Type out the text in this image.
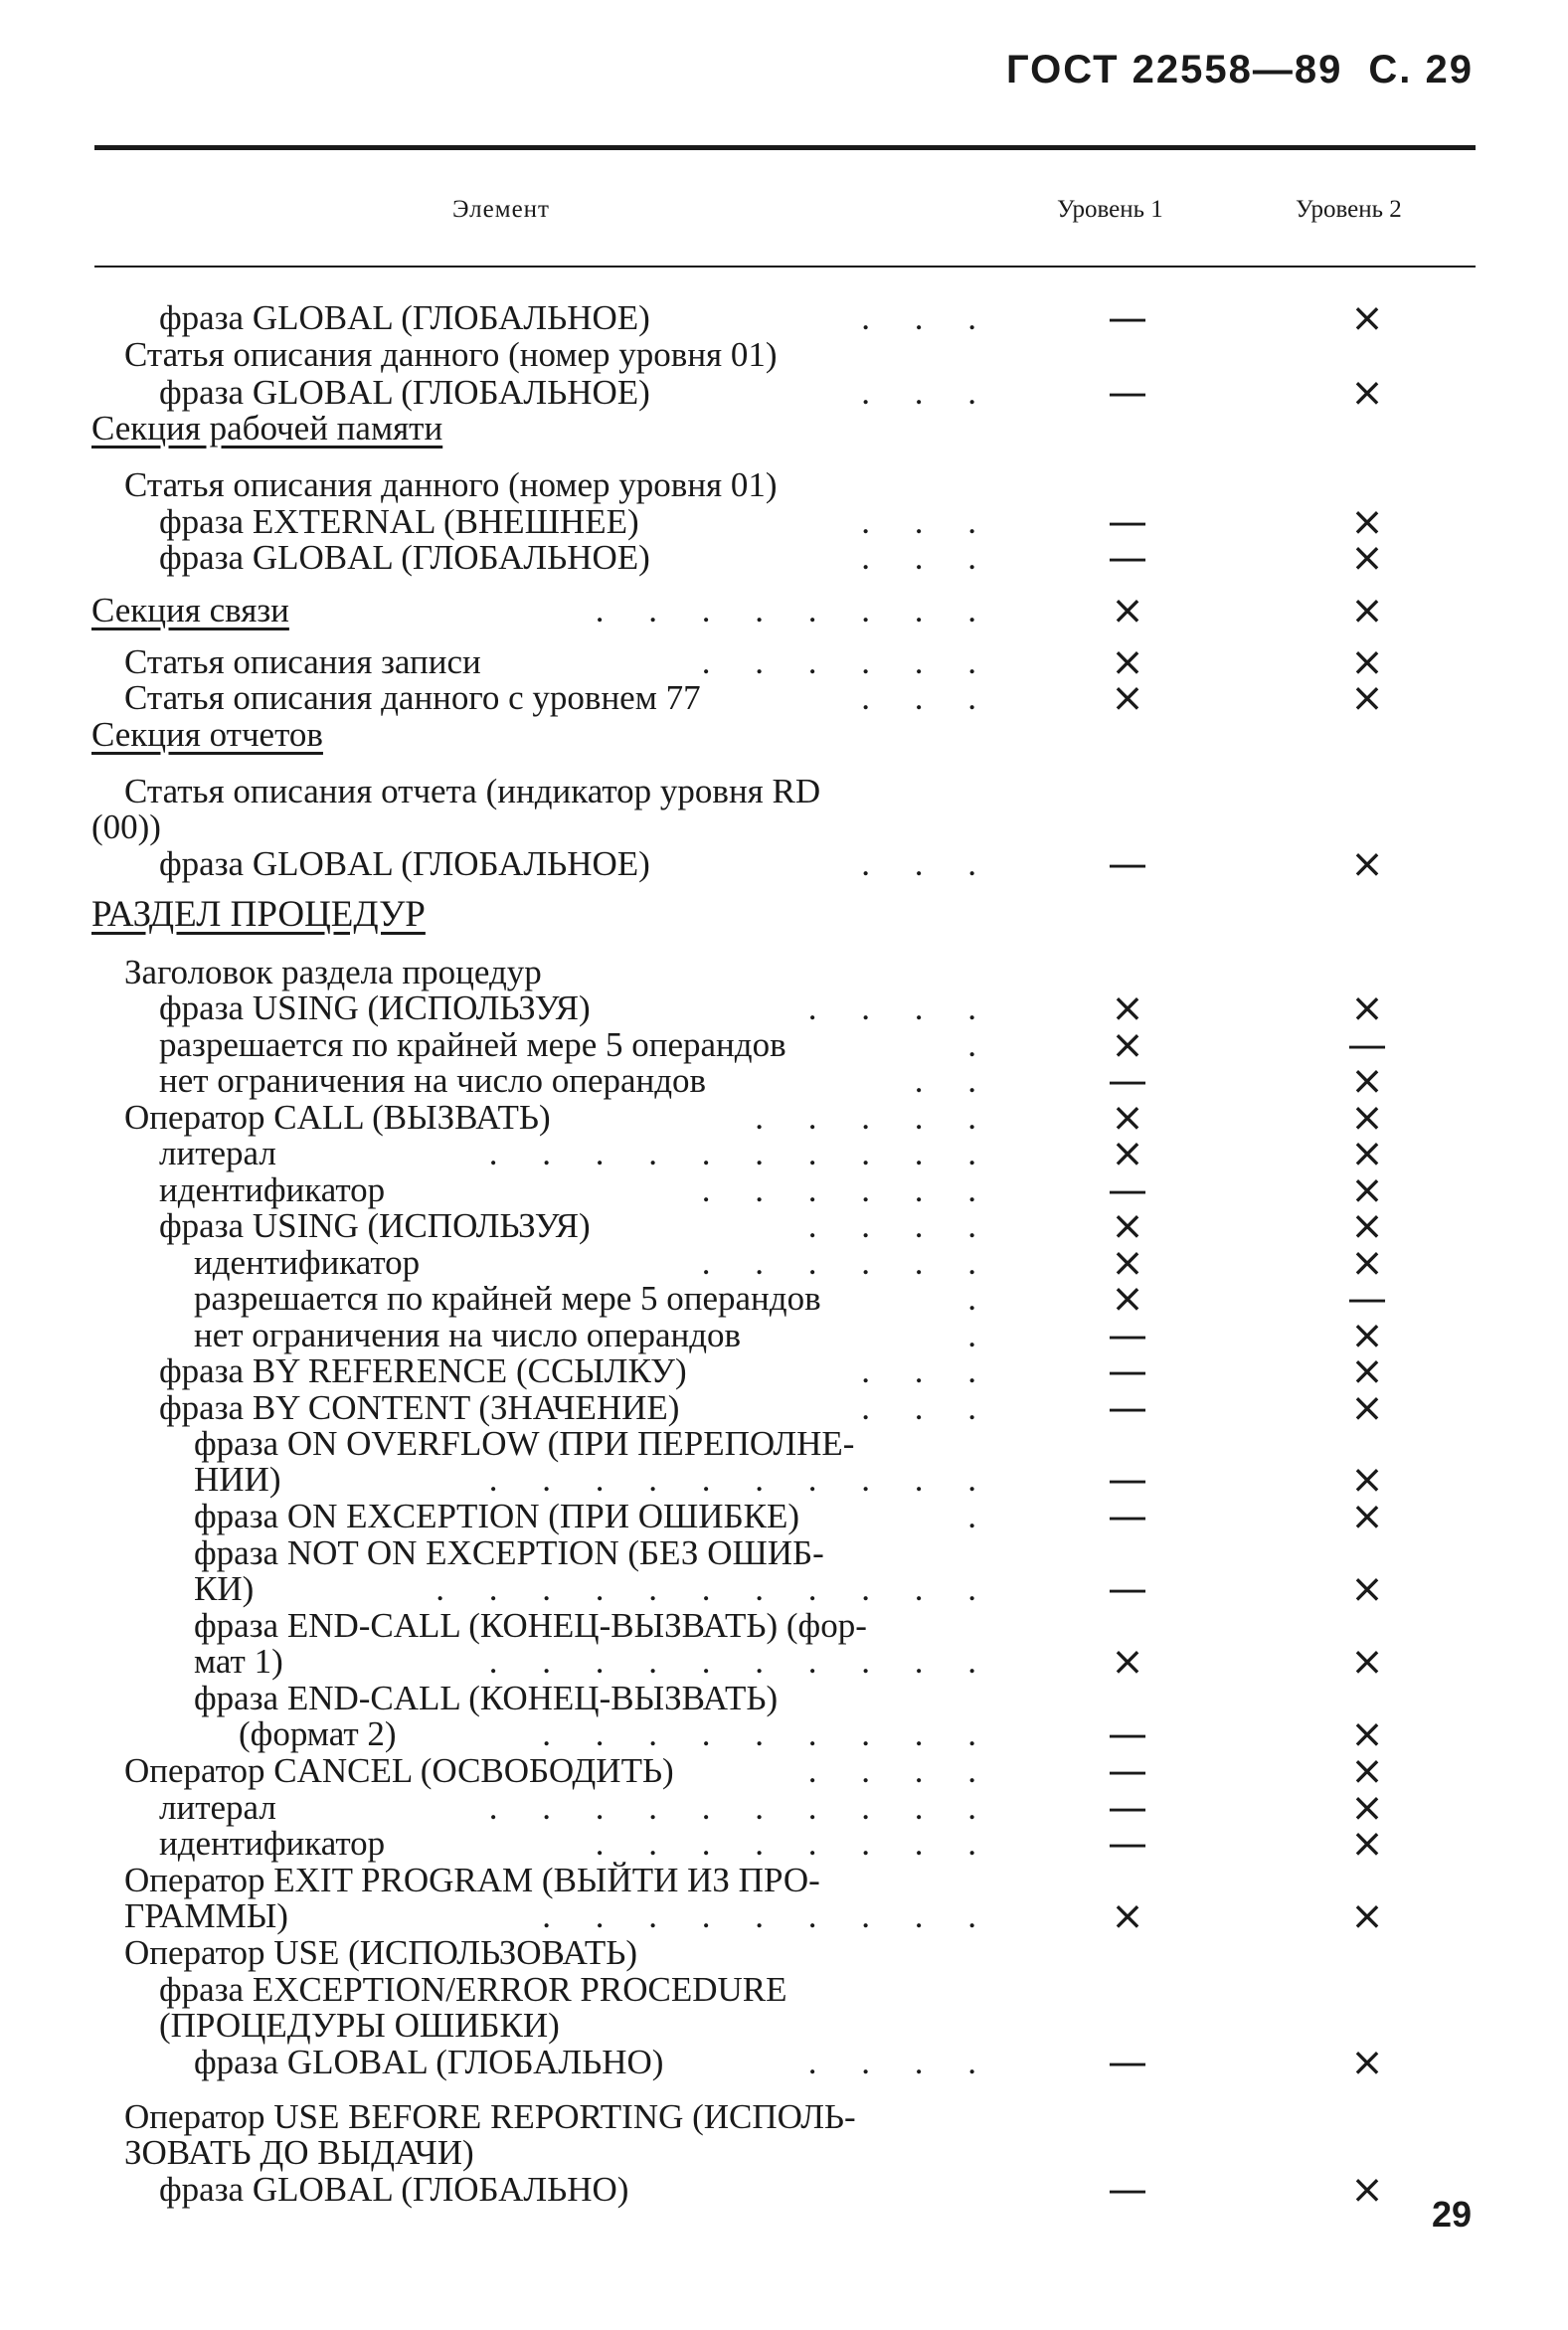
ГОСТ 22558—89 С. 29
Элемент	Уровень 1	Уровень 2
фраза GLOBAL (ГЛОБАЛЬНОЕ)	. . .	—	×
Статья описания данного (номер уровня 01)
фраза GLOBAL (ГЛОБАЛЬНОЕ)	. . .	—	×
Секция рабочей памяти
Статья описания данного (номер уровня 01)
фраза EXTERNAL (ВНЕШНЕЕ)	. . .	—	×
фраза GLOBAL (ГЛОБАЛЬНОЕ)	. . .	—	×
Секция связи	. . . . . . . .	×	×
Статья описания записи	. . . . . .	×	×
Статья описания данного с уровнем 77	. . .	×	×
Секция отчетов
Статья описания отчета (индикатор уровня RD
(00))
фраза GLOBAL (ГЛОБАЛЬНОЕ)	. . .	—	×
РАЗДЕЛ ПРОЦЕДУР
Заголовок раздела процедур
фраза USING (ИСПОЛЬЗУЯ)	. . . .	×	×
разрешается по крайней мере 5 операндов	.	×	—
нет ограничения на число операндов	. .	—	×
Оператор CALL (ВЫЗВАТЬ)	. . . . .	×	×
литерал	. . . . . . . . . .	×	×
идентификатор	. . . . . .	—	×
фраза USING (ИСПОЛЬЗУЯ)	. . . .	×	×
идентификатор	. . . . . .	×	×
разрешается по крайней мере 5 операндов	.	×	—
нет ограничения на число операндов	.	—	×
фраза BY REFERENCE (ССЫЛКУ)	. . .	—	×
фраза BY CONTENT (ЗНАЧЕНИЕ)	. . .	—	×
фраза ON OVERFLOW (ПРИ ПЕРЕПОЛНЕ-
НИИ)	. . . . . . . . . .	—	×
фраза ON EXCEPTION (ПРИ ОШИБКЕ)	.	—	×
фраза NOT ON EXCEPTION (БЕЗ ОШИБ-
КИ)	. . . . . . . . . . .	—	×
фраза END-CALL (КОНЕЦ-ВЫЗВАТЬ) (фор-
мат 1)	. . . . . . . . . .	×	×
фраза END-CALL (КОНЕЦ-ВЫЗВАТЬ)
(формат 2)	. . . . . . . . .	—	×
Оператор CANCEL (ОСВОБОДИТЬ)	. . . .	—	×
литерал	. . . . . . . . . .	—	×
идентификатор	. . . . . . . .	—	×
Оператор EXIT PROGRAM (ВЫЙТИ ИЗ ПРО-
ГРАММЫ)	. . . . . . . . .	×	×
Оператор USE (ИСПОЛЬЗОВАТЬ)
фраза EXCEPTION/ERROR PROCEDURE
(ПРОЦЕДУРЫ ОШИБКИ)
фраза GLOBAL (ГЛОБАЛЬНО)	. . . .	—	×
Оператор USE BEFORE REPORTING (ИСПОЛЬ-
ЗОВАТЬ ДО ВЫДАЧИ)
фраза GLOBAL (ГЛОБАЛЬНО)	—	×
29
